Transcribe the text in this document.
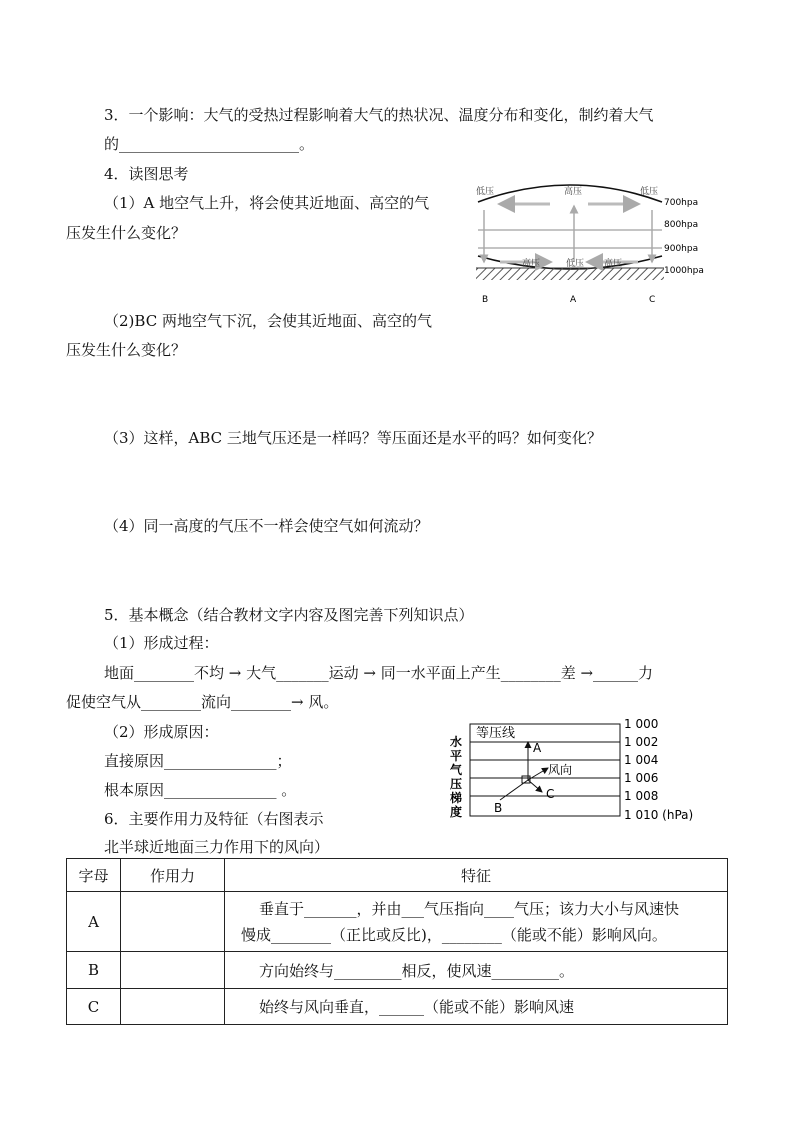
3．一个影响：大气的受热过程影响着大气的热状况、温度分布和变化，制约着大气
的________________________。
4．读图思考
（1）A 地空气上升，将会使其近地面、高空的气
压发生什么变化？
（2)BC 两地空气下沉，会使其近地面、高空的气
压发生什么变化？
（3）这样，ABC 三地气压还是一样吗？等压面还是水平的吗？如何变化？
（4）同一高度的气压不一样会使空气如何流动？
低压	高压	低压
高压	低压 高压
700hpa
800hpa
900hpa
1000hpa
B	A	C
5．基本概念（结合教材文字内容及图完善下列知识点）
（1）形成过程：
地面________不均 → 大气_______运动 → 同一水平面上产生________差 →______力
促使空气从________流向________→ 风。
（2）形成原因：
直接原因_______________；
根本原因_______________ 。
6．主要作用力及特征（右图表示
北半球近地面三力作用下的风向）
等压线
水
平
气
压
梯
度
1 000
1 002
1 004
1 006
1 008
1 010 (hPa)
A
风向
C
B
字母	作用力	特征
A		垂直于_______，并由___气压指向____气压；该力大小与风速快
慢成________（正比或反比)，________（能或不能）影响风向。

B		方向始终与_________相反，使风速_________。

C		始终与风向垂直，______（能或不能）影响风速
